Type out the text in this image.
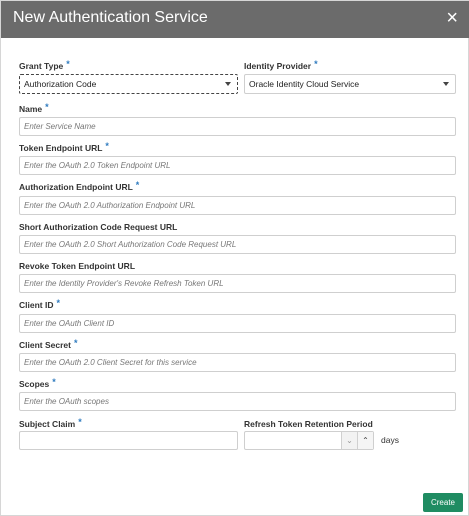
New Authentication Service	×
Grant Type *
Authorization Code
Identity Provider *
Oracle Identity Cloud Service
Name *
Enter Service Name
Token Endpoint URL *
Enter the OAuth 2.0 Token Endpoint URL
Authorization Endpoint URL *
Enter the OAuth 2.0 Authorization Endpoint URL
Short Authorization Code Request URL
Enter the OAuth 2.0 Short Authorization Code Request URL
Revoke Token Endpoint URL
Enter the Identity Provider's Revoke Refresh Token URL
Client ID *
Enter the OAuth Client ID
Client Secret *
Enter the OAuth 2.0 Client Secret for this service
Scopes *
Enter the OAuth scopes
Subject Claim *	Refresh Token Retention Period
⌄	⌃	days
Create
